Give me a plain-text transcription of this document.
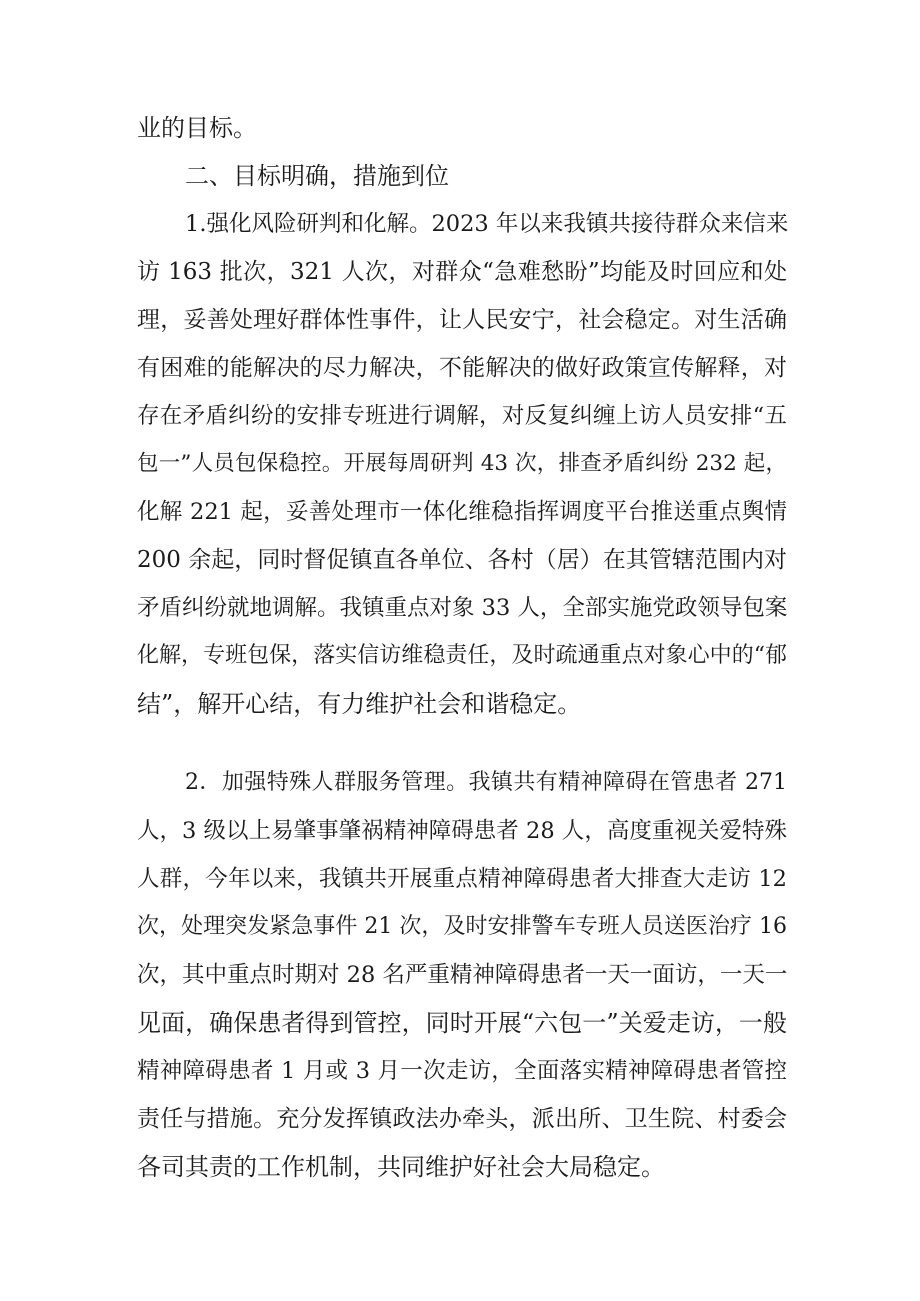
业的目标。
二、目标明确，措施到位
1.强化风险研判和化解。2023 年以来我镇共接待群众来信来
访 163 批次，321 人次，对群众“急难愁盼”均能及时回应和处
理，妥善处理好群体性事件，让人民安宁，社会稳定。对生活确
有困难的能解决的尽力解决，不能解决的做好政策宣传解释，对
存在矛盾纠纷的安排专班进行调解，对反复纠缠上访人员安排“五
包一”人员包保稳控。开展每周研判 43 次，排查矛盾纠纷 232 起，
化解 221 起，妥善处理市一体化维稳指挥调度平台推送重点舆情
200 余起，同时督促镇直各单位、各村（居）在其管辖范围内对
矛盾纠纷就地调解。我镇重点对象 33 人，全部实施党政领导包案
化解，专班包保，落实信访维稳责任，及时疏通重点对象心中的“郁
结”，解开心结，有力维护社会和谐稳定。
2．加强特殊人群服务管理。我镇共有精神障碍在管患者 271
人，3 级以上易肇事肇祸精神障碍患者 28 人，高度重视关爱特殊
人群，今年以来，我镇共开展重点精神障碍患者大排查大走访 12
次，处理突发紧急事件 21 次，及时安排警车专班人员送医治疗 16
次，其中重点时期对 28 名严重精神障碍患者一天一面访，一天一
见面，确保患者得到管控，同时开展“六包一”关爱走访，一般
精神障碍患者 1 月或 3 月一次走访，全面落实精神障碍患者管控
责任与措施。充分发挥镇政法办牵头，派出所、卫生院、村委会
各司其责的工作机制，共同维护好社会大局稳定。
